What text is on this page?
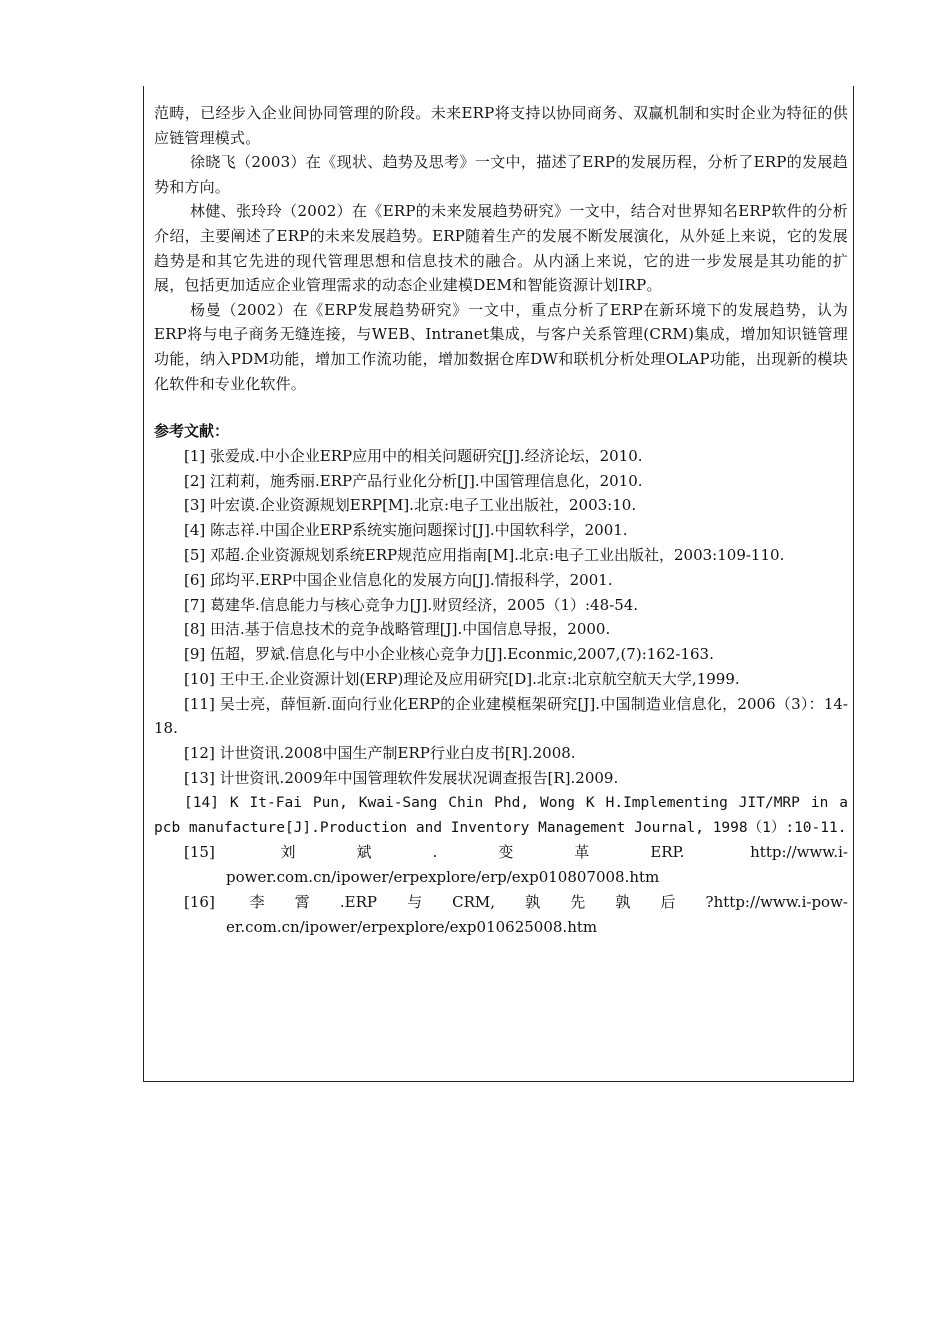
范畴，已经步入企业间协同管理的阶段。未来ERP将支持以协同商务、双赢机制和实时企业为特征的供应链管理模式。

徐晓飞（2003）在《现状、趋势及思考》一文中，描述了ERP的发展历程，分析了ERP的发展趋势和方向。

林健、张玲玲（2002）在《ERP的未来发展趋势研究》一文中，结合对世界知名ERP软件的分析介绍，主要阐述了ERP的未来发展趋势。ERP随着生产的发展不断发展演化，从外延上来说，它的发展趋势是和其它先进的现代管理思想和信息技术的融合。从内涵上来说，它的进一步发展是其功能的扩展，包括更加适应企业管理需求的动态企业建模DEM和智能资源计划IRP。

杨曼（2002）在《ERP发展趋势研究》一文中，重点分析了ERP在新环境下的发展趋势，认为ERP将与电子商务无缝连接，与WEB、Intranet集成，与客户关系管理(CRM)集成，增加知识链管理功能，纳入PDM功能，增加工作流功能，增加数据仓库DW和联机分析处理OLAP功能，出现新的模块化软件和专业化软件。

参考文献：

[1] 张爱成.中小企业ERP应用中的相关问题研究[J].经济论坛，2010.

[2] 江莉莉，施秀丽.ERP产品行业化分析[J].中国管理信息化，2010.

[3] 叶宏谟.企业资源规划ERP[M].北京:电子工业出版社，2003:10.

[4] 陈志祥.中国企业ERP系统实施问题探讨[J].中国软科学，2001.

[5] 邓超.企业资源规划系统ERP规范应用指南[M].北京:电子工业出版社，2003:109-110.

[6] 邱均平.ERP中国企业信息化的发展方向[J].情报科学，2001.

[7] 葛建华.信息能力与核心竞争力[J].财贸经济，2005（1）:48-54.

[8] 田洁.基于信息技术的竞争战略管理[J].中国信息导报，2000.

[9] 伍超，罗斌.信息化与中小企业核心竞争力[J].Econmic,2007,(7):162-163.

[10] 王中王.企业资源计划(ERP)理论及应用研究[D].北京:北京航空航天大学,1999.

[11] 吴士亮，薛恒新.面向行业化ERP的企业建模框架研究[J].中国制造业信息化，2006（3）：14-18.

[12] 计世资讯.2008中国生产制ERP行业白皮书[R].2008.

[13] 计世资讯.2009年中国管理软件发展状况调查报告[R].2009.

[14] K It-Fai Pun, Kwai-Sang Chin Phd, Wong K H.Implementing JIT/MRP in a pcb manufacture[J].Production and Inventory Management Journal, 1998（1）:10-11.

[15] 刘斌.变革ERP. http://www.i-power.com.cn/ipower/erpexplore/erp/exp010807008.htm

[16] 李霄.ERP与CRM,孰先孰后?http://www.i-pow-er.com.cn/ipower/erpexplore/exp010625008.htm
